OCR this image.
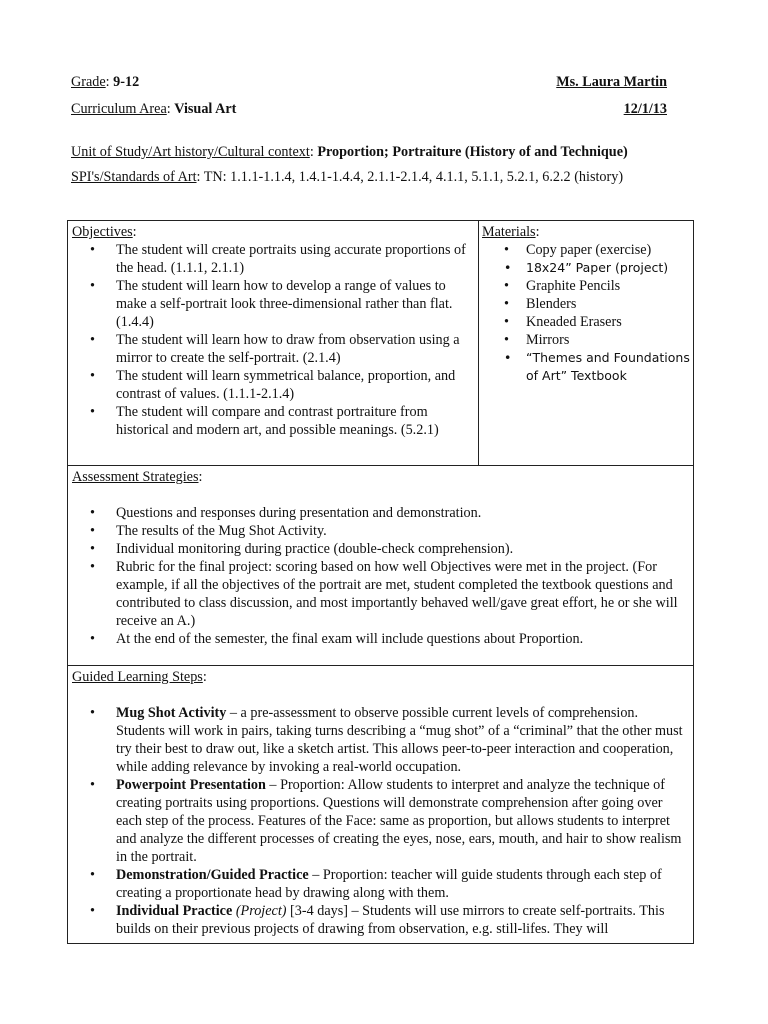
Grade: 9-12	Ms. Laura Martin
Curriculum Area: Visual Art	12/1/13
Unit of Study/Art history/Cultural context: Proportion; Portraiture (History of and Technique)
SPI's/Standards of Art: TN: 1.1.1-1.1.4, 1.4.1-1.4.4, 2.1.1-2.1.4, 4.1.1, 5.1.1, 5.2.1, 6.2.2 (history)
Objectives:
• The student will create portraits using accurate proportions of the head. (1.1.1, 2.1.1)
• The student will learn how to develop a range of values to make a self-portrait look three-dimensional rather than flat. (1.4.4)
• The student will learn how to draw from observation using a mirror to create the self-portrait. (2.1.4)
• The student will learn symmetrical balance, proportion, and contrast of values. (1.1.1-2.1.4)
• The student will compare and contrast portraiture from historical and modern art, and possible meanings. (5.2.1)
Materials:
• Copy paper (exercise)
• 18x24” Paper (project)
• Graphite Pencils
• Blenders
• Kneaded Erasers
• Mirrors
• “Themes and Foundations of Art” Textbook
Assessment Strategies:
• Questions and responses during presentation and demonstration.
• The results of the Mug Shot Activity.
• Individual monitoring during practice (double-check comprehension).
• Rubric for the final project: scoring based on how well Objectives were met in the project. (For example, if all the objectives of the portrait are met, student completed the textbook questions and contributed to class discussion, and most importantly behaved well/gave great effort, he or she will receive an A.)
• At the end of the semester, the final exam will include questions about Proportion.
Guided Learning Steps:
• Mug Shot Activity – a pre-assessment to observe possible current levels of comprehension. Students will work in pairs, taking turns describing a “mug shot” of a “criminal” that the other must try their best to draw out, like a sketch artist. This allows peer-to-peer interaction and cooperation, while adding relevance by invoking a real-world occupation.
• Powerpoint Presentation – Proportion: Allow students to interpret and analyze the technique of creating portraits using proportions. Questions will demonstrate comprehension after going over each step of the process. Features of the Face: same as proportion, but allows students to interpret and analyze the different processes of creating the eyes, nose, ears, mouth, and hair to show realism in the portrait.
• Demonstration/Guided Practice – Proportion: teacher will guide students through each step of creating a proportionate head by drawing along with them.
• Individual Practice (Project) [3-4 days] – Students will use mirrors to create self-portraits. This builds on their previous projects of drawing from observation, e.g. still-lifes. They will
